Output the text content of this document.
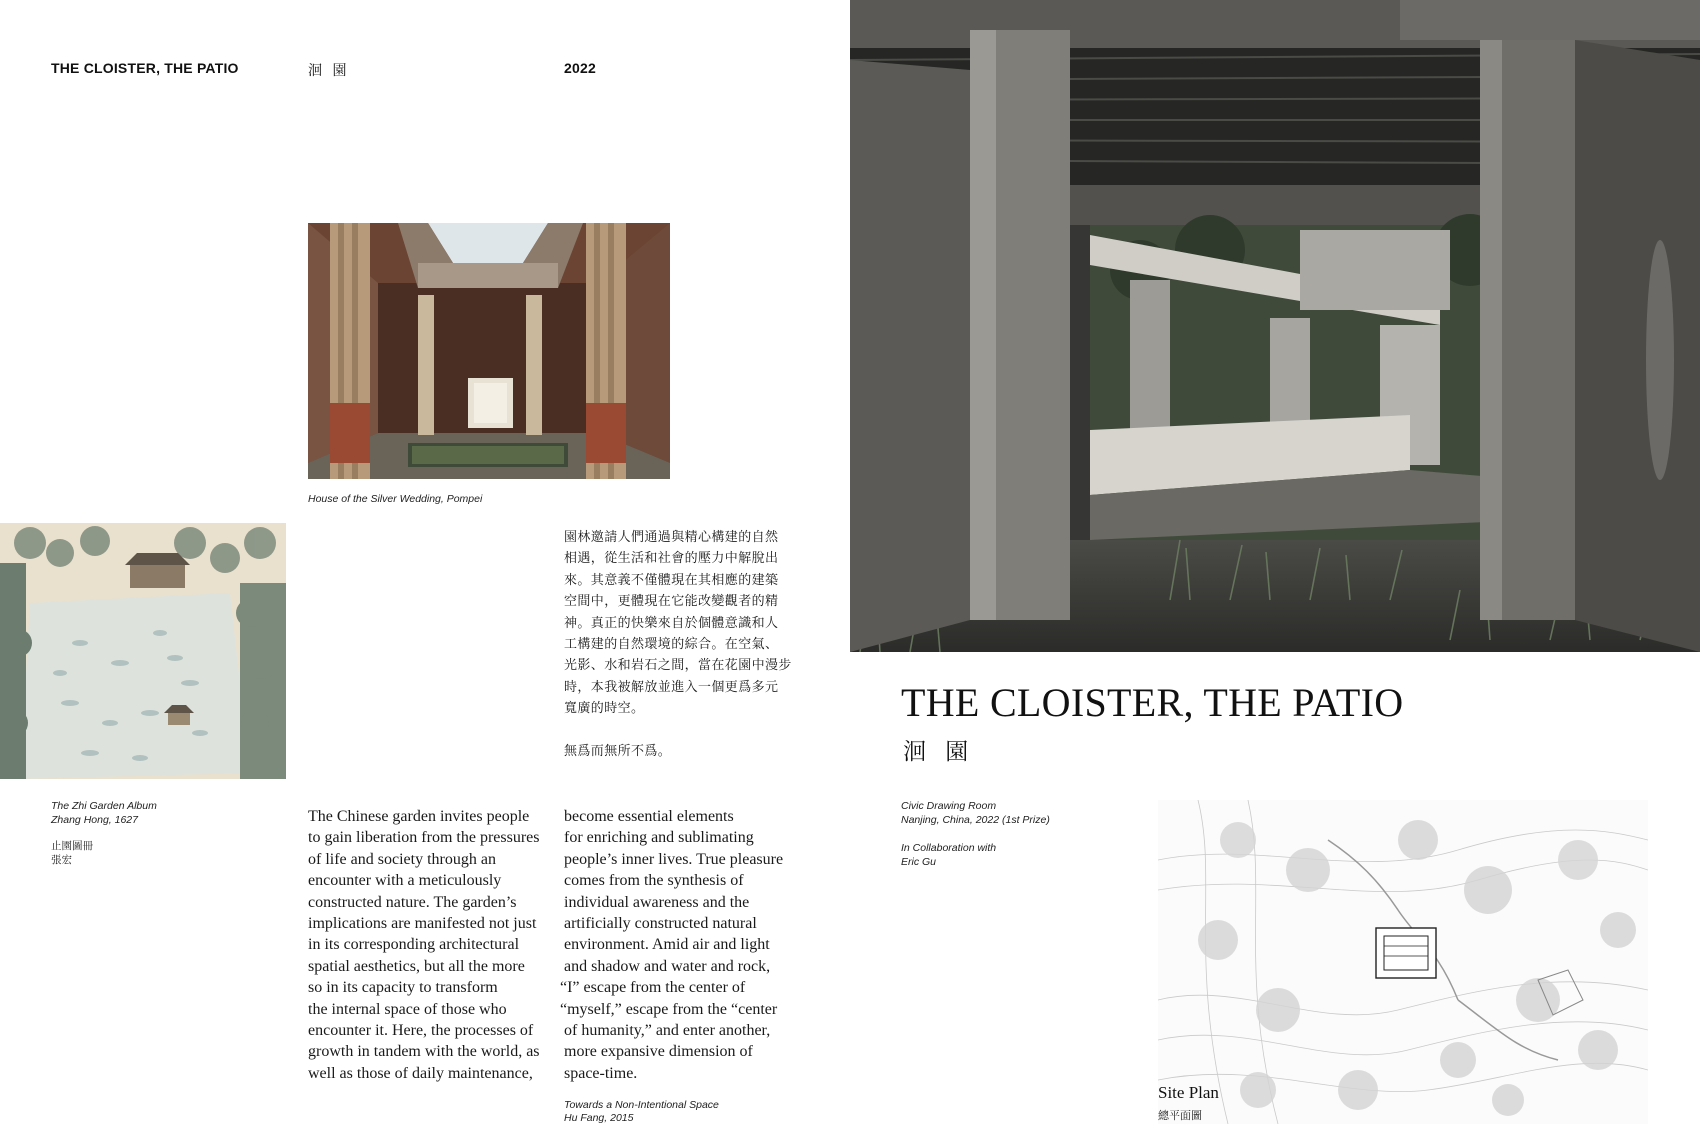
THE CLOISTER, THE PATIO	洄 園	2022
House of the Silver Wedding, Pompei
The Zhi Garden Album
Zhang Hong, 1627
止園圖冊
張宏
園林邀請人們通過與精心構建的自然
相遇，從生活和社會的壓力中解脫出
來。其意義不僅體現在其相應的建築
空間中，更體現在它能改變觀者的精
神。真正的快樂來自於個體意識和人
工構建的自然環境的綜合。在空氣、
光影、水和岩石之間，當在花園中漫步
時，本我被解放並進入一個更爲多元
寬廣的時空。
無爲而無所不爲。
The Chinese garden invites people
to gain liberation from the pressures
of life and society through an
encounter with a meticulously
constructed nature. The garden’s
implications are manifested not just
in its corresponding architectural
spatial aesthetics, but all the more
so in its capacity to transform
the internal space of those who
encounter it. Here, the processes of
growth in tandem with the world, as
well as those of daily maintenance,
become essential elements
for enriching and sublimating
people’s inner lives. True pleasure
comes from the synthesis of
individual awareness and the
artificially constructed natural
environment. Amid air and light
and shadow and water and rock,
“I” escape from the center of
“myself,” escape from the “center
of humanity,” and enter another,
more expansive dimension of
space-time.
Towards a Non-Intentional Space
Hu Fang, 2015
THE CLOISTER, THE PATIO
洄 園
Civic Drawing Room
Nanjing, China, 2022 (1st Prize)
In Collaboration with
Eric Gu
Site Plan
總平面圖
